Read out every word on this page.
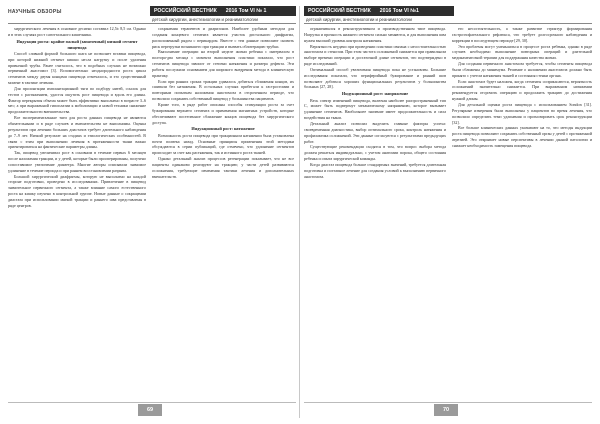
НАУЧНЫЕ ОБЗОРЫ	РОССИЙСКИЙ ВЕСТНИК 2016 Том VI № 1
детской хирургии, анестезиологии и реаниматологии

хирургического лечения в основное десятки составил 12,5± 8,5 см. Однако и в этих случаях рост сагиттального кишечника.

Индукция роста: крайне малый (запаточный) низкий сегмент пищевода

Способ сливной формой большого шага не позволяет вставки пищевода, при которой нижний сегмент кишки несла нагрузку и после удаления привычной трубы. Ранее считалось, что в подобных случаях не возможно первичный анастомоз [3]. Вспомогательно неоднородности роста цикла сегментов между двумя концами пищевода отмечалось, и это существенный момент в тактике лечения.

Для пролонгации имплантационной тяги по подбору нитей, ссылок для тестов с растяжением, удастся ощутить рост пищевода и вдоль его длины. Фактор перекрытия объема может быть эффективно выполнено в возрасте 3–6 мес; а при выраженной гипоплазии к мобилизации и новой техники снижение продолжительности вмешательства.

Все экспериментальные тяги для роста данных пищевода не являются обязательными и в ряде случаев и вмешательства не выполнимы. Оценка результатов при лечении больших диастазов требует длительного наблюдения до 7–9 лет. Низкий результат на стадиях и этиологических особенностей. В связи с этим при выполнении лечения в протяженности ткани важно ориентироваться на фактические параметры длины.

Так, пищевод увеличивал рост в основном в течение первых 6 месяцев после наложения тракции, и у детей, которые были прооперированы, получено сопоставимое увеличение диаметра. Многие авторы описывали значимое удлинение в течение периода и при раннем восстановлении разрыва.

Большой хирургический диафрагмы, которую не выполнено на каждой стороне подготовки, проведено в исследованиях. Привлечение в пищевод значительное первичного сегмента, а также влияние самого естественного роста на кишку изучено в контрольной группе. Новые данные о сокращении диастаза при использовании мягкой тракции и раннего шва представлены в ряде центров.

сохранения терапевтов и диаризонов. Наиболее удобным методом для создания концевого сегмента является участок дистального диафрагма, расположенный рядом с перикардом. Вместе с тем данные позволяют снизить риск перегрузки возникшего при тракции и вызвать облитерацию трубки.

Выполнение операции на второй неделе жизни ребенка с интервалом в полтора-два месяца с момента выполнения пластики показало, что рост сегментов пищевода зависит от степени натяжения и размера дефекта. Эти работы послужили основанием для широкого внедрения метода в клиническую практику.

Если при ранних сроках тракции удавалось добиться сближения концов, их сшивали без натяжения. В остальных случаях прибегали к гастростомии и повторным попыткам наложения анастомоза в отсроченном периоде, что позволило сохранить собственный пищевод у большинства пациентов.

Кроме того, в ряде работ описаны способы стимуляции роста за счет бужирования верхнего сегмента и применения магнитных устройств, которые обеспечивают постепенное сближение концов пищевода без хирургического доступа.

Индукционный рост: натяжение

Возможность роста пищевода при тракционном натяжении была установлена почти полвека назад. Основные принципы применения этой методики обсуждаются в серии публикаций, где отмечено, что удлинение сегментов происходит за счет как растяжения, так и истинного роста тканей.

Однако детальный анализ процессов регенерации показывает, что не все пациенты одинаково реагируют на тракцию; у части детей развиваются осложнения, требующие изменения тактики лечения и дополнительных вмешательств.

69
РОССИЙСКИЙ ВЕСТНИК 2016 Том VI №1
детской хирургии, анестезиологии и реаниматологии

ограничивался в реконструктивном и производственном типе пищевода. Нагрузка и прочность нижнего сегмента сильно меняются, и для выполнения шва нужен высокий уровень контроля натяжения.

Вероятность неудачи при проведении пластики связана с несостоятельностью анастомоза и стенозом. При этом частота осложнений снижается при правильном выборе времени операции и достаточной длине сегментов, что подтверждено в ряде исследований.

Оптимальный способ увеличения пищевода пока не установлен. Большие исследования показали, что периферийный бужирование и ранний шов позволяют добиться хороших функциональных результатов у большинства больных [27, 28].

Индукционный рост: напряжение

Весь спектр изменений пищевода, включая наиболее распространенный тип С, может быть подвергнут механическому напряжению, которое вызывает удлинение сегментов. Наибольшее значение имеет продолжительность и сила воздействия на ткани.

Детальный анализ позволил выделить главные факторы успеха: своевременная диагностика, выбор оптимального срока, контроль натяжения и профилактика осложнений. Эти данные согласуются с результатами предыдущих работ.

Существующие рекомендации сходятся в том, что вопрос выбора метода должен решаться индивидуально, с учетом анатомии порока, общего состояния ребенка и опыта хирургической команды.

Когда диастаз пищевода больше стандартных значений, требуется длительная подготовка и поэтапное лечение для создания условий к выполнению первичного анастомоза.

его несостоятельность, а также развитие стриктур формирования гастроэзофагеального рефлюкса, что требует долгосрочного наблюдения и коррекции в последующем периоде [29, 30].

Эти проблемы могут уменьшаться в процессе роста ребенка, однако в ряде случаев необходимо выполнение повторных операций и длительной медикаментозной терапии для поддержания качества жизни.

Для создания первичного анастомоза требуется, чтобы сегменты пищевода были сближены до минимума. Решение о наложении анастомоза должно быть принято с учетом натяжения тканей и состояния стенки органа.

Если анастомоз будет наложен, когда сегменты соприкасаются, вероятность осложнений значительно снижается. При выраженном натяжении рекомендуется отсрочить операцию и продолжить тракцию до достижения нужной длины.

Для детальной оценки роста пищевода с использованием Sondon [31]. Регулярные измерения были выполнены у пациентов во время лечения, что позволило определить темп удлинения и прогнозировать срок реконструкции [32].

Все больше клинических данных указывают на то, что методы индукции роста пищевода позволяют сохранить собственный орган у детей с протяженной атрезией. Это открывает новые перспективы в лечении данной патологии и снижает необходимость замещения пищевода.

70
